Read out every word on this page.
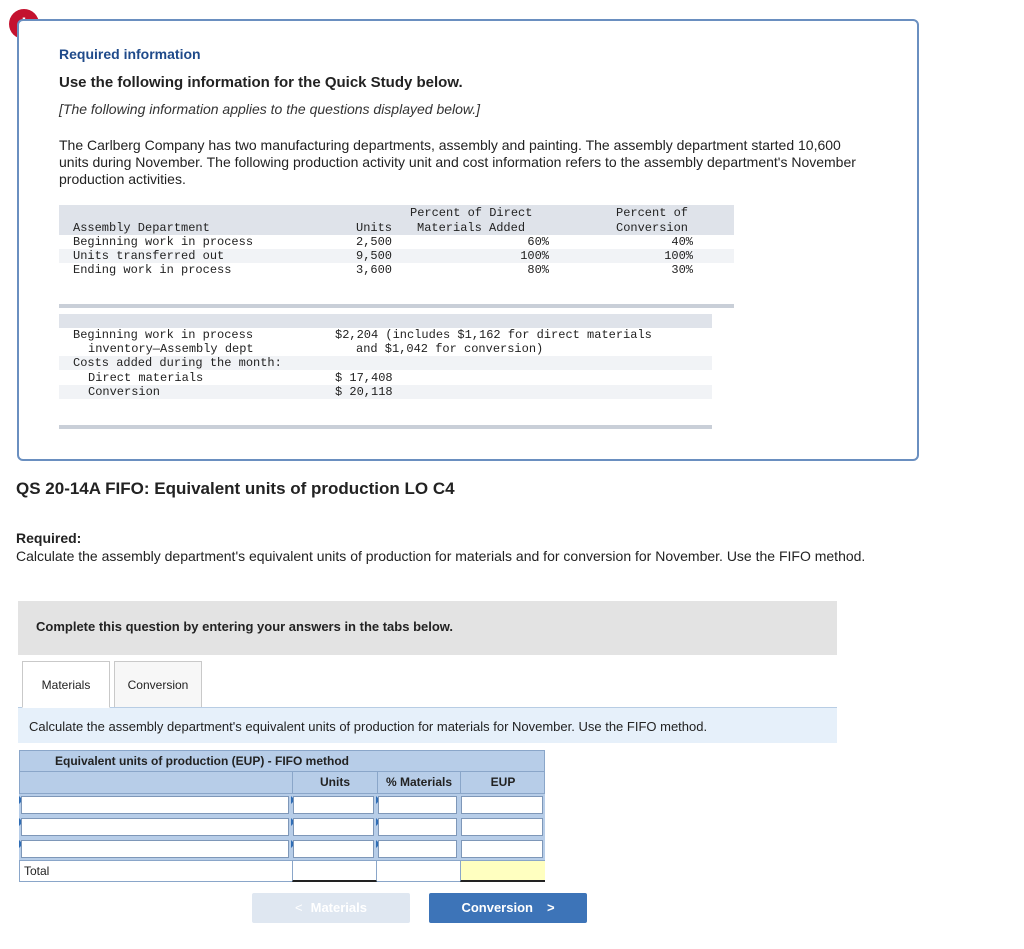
Required information
Use the following information for the Quick Study below.
[The following information applies to the questions displayed below.]
The Carlberg Company has two manufacturing departments, assembly and painting. The assembly department started 10,600 units during November. The following production activity unit and cost information refers to the assembly department's November production activities.
Percent of Direct	Percent of
Assembly Department	Units Materials Added	Conversion
Beginning work in process	2,500	60%	40%
Units transferred out	9,500	100%	100%
Ending work in process	3,600	80%	30%
Beginning work in process	$2,204 (includes $1,162 for direct materials
inventory—Assembly dept	and $1,042 for conversion)
Costs added during the month:
Direct materials	$ 17,408
Conversion	$ 20,118
QS 20-14A FIFO: Equivalent units of production LO C4
Required:
Calculate the assembly department's equivalent units of production for materials and for conversion for November. Use the FIFO method.
Complete this question by entering your answers in the tabs below.
Materials	Conversion
Calculate the assembly department's equivalent units of production for materials for November. Use the FIFO method.
Equivalent units of production (EUP) - FIFO method
Units	% Materials	EUP
Total
< Materials	Conversion >
